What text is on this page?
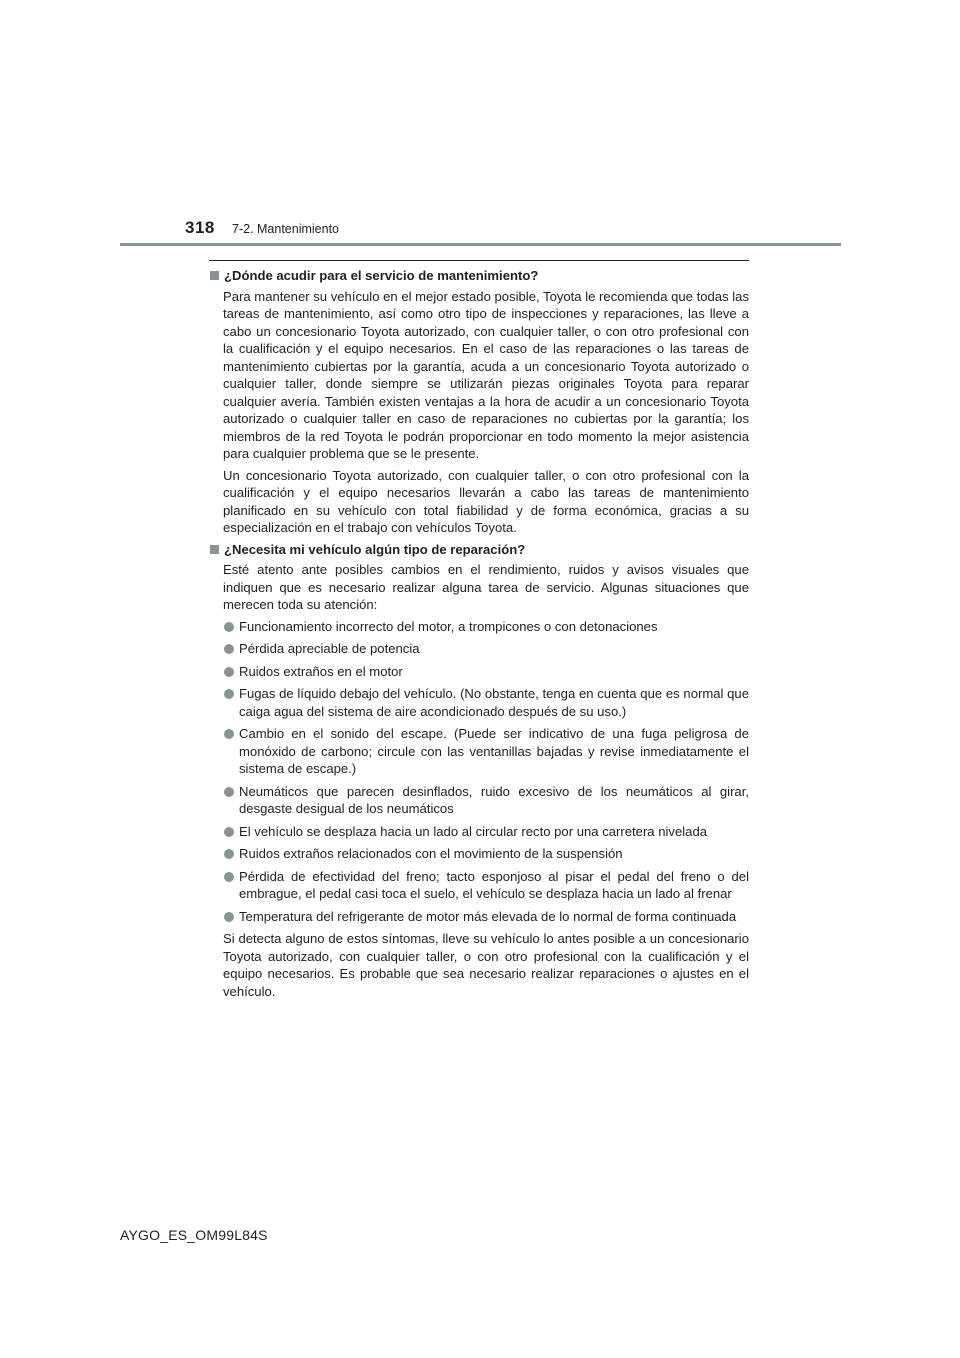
318 7-2. Mantenimiento

¿Dónde acudir para el servicio de mantenimiento?

Para mantener su vehículo en el mejor estado posible, Toyota le recomienda que todas las tareas de mantenimiento, así como otro tipo de inspecciones y reparaciones, las lleve a cabo un concesionario Toyota autorizado, con cualquier taller, o con otro profesional con la cualificación y el equipo necesarios. En el caso de las reparaciones o las tareas de mantenimiento cubiertas por la garantía, acuda a un concesionario Toyota autorizado o cualquier taller, donde siempre se utilizarán piezas originales Toyota para reparar cualquier avería. También existen ventajas a la hora de acudir a un concesionario Toyota autorizado o cualquier taller en caso de reparaciones no cubiertas por la garantía; los miembros de la red Toyota le podrán proporcionar en todo momento la mejor asistencia para cualquier problema que se le presente.

Un concesionario Toyota autorizado, con cualquier taller, o con otro profesional con la cualificación y el equipo necesarios llevarán a cabo las tareas de mantenimiento planificado en su vehículo con total fiabilidad y de forma económica, gracias a su especialización en el trabajo con vehículos Toyota.

¿Necesita mi vehículo algún tipo de reparación?

Esté atento ante posibles cambios en el rendimiento, ruidos y avisos visuales que indiquen que es necesario realizar alguna tarea de servicio. Algunas situaciones que merecen toda su atención:

Funcionamiento incorrecto del motor, a trompicones o con detonaciones
Pérdida apreciable de potencia
Ruidos extraños en el motor
Fugas de líquido debajo del vehículo. (No obstante, tenga en cuenta que es normal que caiga agua del sistema de aire acondicionado después de su uso.)
Cambio en el sonido del escape. (Puede ser indicativo de una fuga peligrosa de monóxido de carbono; circule con las ventanillas bajadas y revise inmediatamente el sistema de escape.)
Neumáticos que parecen desinflados, ruido excesivo de los neumáticos al girar, desgaste desigual de los neumáticos
El vehículo se desplaza hacia un lado al circular recto por una carretera nivelada
Ruidos extraños relacionados con el movimiento de la suspensión
Pérdida de efectividad del freno; tacto esponjoso al pisar el pedal del freno o del embrague, el pedal casi toca el suelo, el vehículo se desplaza hacia un lado al frenar
Temperatura del refrigerante de motor más elevada de lo normal de forma continuada

Si detecta alguno de estos síntomas, lleve su vehículo lo antes posible a un concesionario Toyota autorizado, con cualquier taller, o con otro profesional con la cualificación y el equipo necesarios. Es probable que sea necesario realizar reparaciones o ajustes en el vehículo.

AYGO_ES_OM99L84S
